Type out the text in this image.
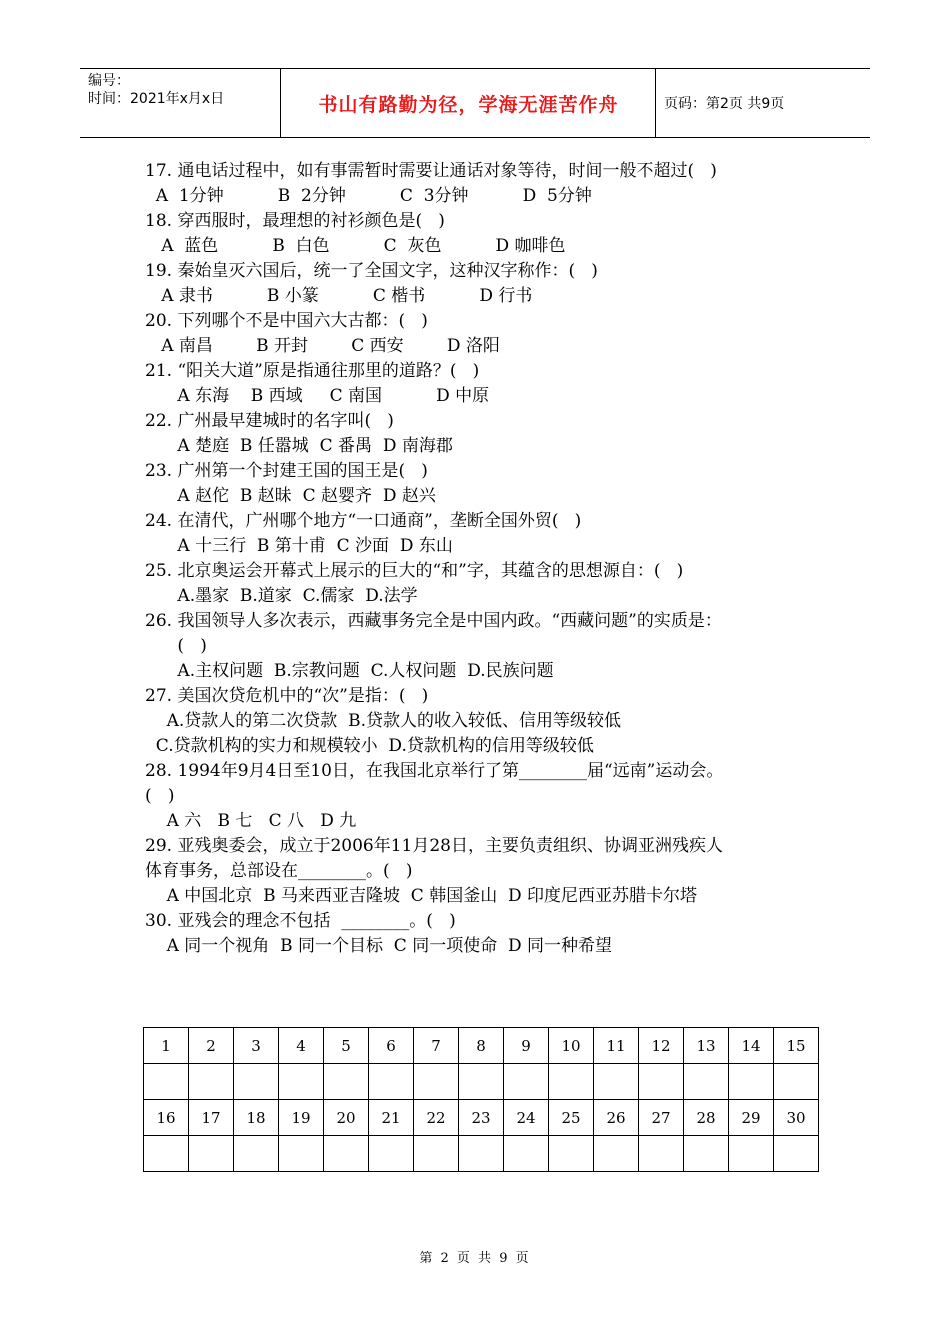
编号：
时间：2021年x月x日	书山有路勤为径，学海无涯苦作舟	页码：第2页 共9页
17. 通电话过程中，如有事需暂时需要让通话对象等待，时间一般不超过(   )
A  1分钟          B  2分钟          C  3分钟          D  5分钟
18. 穿西服时，最理想的衬衫颜色是(   )
A  蓝色          B  白色          C  灰色          D 咖啡色
19. 秦始皇灭六国后，统一了全国文字，这种汉字称作：(   )
A 隶书          B 小篆          C 楷书          D 行书
20. 下列哪个不是中国六大古都：(   )
A 南昌        B 开封        C 西安        D 洛阳
21. “阳关大道”原是指通往那里的道路？(   )
A 东海    B 西域     C 南国          D 中原
22. 广州最早建城时的名字叫(   )
A 楚庭  B 任嚣城  C 番禺  D 南海郡
23. 广州第一个封建王国的国王是(   )
A 赵佗  B 赵昧  C 赵婴齐  D 赵兴
24. 在清代，广州哪个地方“一口通商”，垄断全国外贸(   )
A 十三行  B 第十甫  C 沙面  D 东山
25. 北京奥运会开幕式上展示的巨大的“和”字，其蕴含的思想源自：(   )
A.墨家  B.道家  C.儒家  D.法学
26. 我国领导人多次表示，西藏事务完全是中国内政。“西藏问题”的实质是：
(   )
A.主权问题  B.宗教问题  C.人权问题  D.民族问题
27. 美国次贷危机中的“次”是指：(   )
A.贷款人的第二次贷款  B.贷款人的收入较低、信用等级较低
C.贷款机构的实力和规模较小  D.贷款机构的信用等级较低
28. 1994年9月4日至10日，在我国北京举行了第________届“远南”运动会。
(   )
A 六   B 七   C 八   D 九
29. 亚残奥委会，成立于2006年11月28日，主要负责组织、协调亚洲残疾人
体育事务，总部设在________。(   )
A 中国北京  B 马来西亚吉隆坡  C 韩国釜山  D 印度尼西亚苏腊卡尔塔
30. 亚残会的理念不包括  ________。(   )
A 同一个视角  B 同一个目标  C 同一项使命  D 同一种希望
1	2	3	4	5	6	7	8	9	10	11	12	13	14	15

16	17	18	19	20	21	22	23	24	25	26	27	28	29	30

第 2 页 共 9 页
